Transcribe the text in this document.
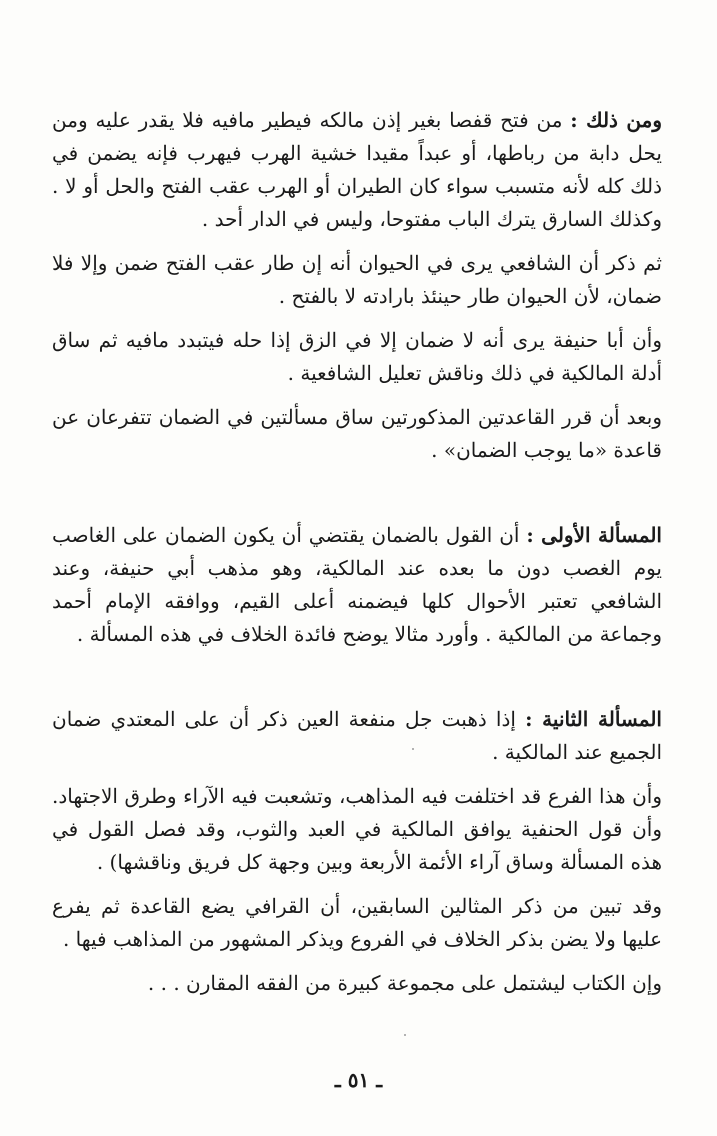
ومن ذلك : من فتح قفصا بغير إذن مالكه فيطير مافيه فلا يقدر عليه ومن يحل دابة من رباطها، أو عبداً مقيدا خشية الهرب فيهرب فإنه يضمن في ذلك كله لأنه متسبب سواء كان الطيران أو الهرب عقب الفتح والحل أو لا . وكذلك السارق يترك الباب مفتوحا، وليس في الدار أحد .

ثم ذكر أن الشافعي يرى في الحيوان أنه إن طار عقب الفتح ضمن وإلا فلا ضمان، لأن الحيوان طار حينئذ بارادته لا بالفتح .

وأن أبا حنيفة يرى أنه لا ضمان إلا في الزق إذا حله فيتبدد مافيه ثم ساق أدلة المالكية في ذلك وناقش تعليل الشافعية .

وبعد أن قرر القاعدتين المذكورتين ساق مسألتين في الضمان تتفرعان عن قاعدة «ما يوجب الضمان» .

المسألة الأولى : أن القول بالضمان يقتضي أن يكون الضمان على الغاصب يوم الغصب دون ما بعده عند المالكية، وهو مذهب أبي حنيفة، وعند الشافعي تعتبر الأحوال كلها فيضمنه أعلى القيم، ووافقه الإمام أحمد وجماعة من المالكية . وأورد مثالا يوضح فائدة الخلاف في هذه المسألة .

المسألة الثانية : إذا ذهبت جل منفعة العين ذكر أن على المعتدي ضمان الجميع عند المالكية .

وأن هذا الفرع قد اختلفت فيه المذاهب، وتشعبت فيه الآراء وطرق الاجتهاد. وأن قول الحنفية يوافق المالكية في العبد والثوب، وقد فصل القول في هذه المسألة وساق آراء الأئمة الأربعة وبين وجهة كل فريق وناقشها) .

وقد تبين من ذكر المثالين السابقين، أن القرافي يضع القاعدة ثم يفرع عليها ولا يضن بذكر الخلاف في الفروع ويذكر المشهور من المذاهب فيها .

وإن الكتاب ليشتمل على مجموعة كبيرة من الفقه المقارن . . .

ـ ٥١ ـ
